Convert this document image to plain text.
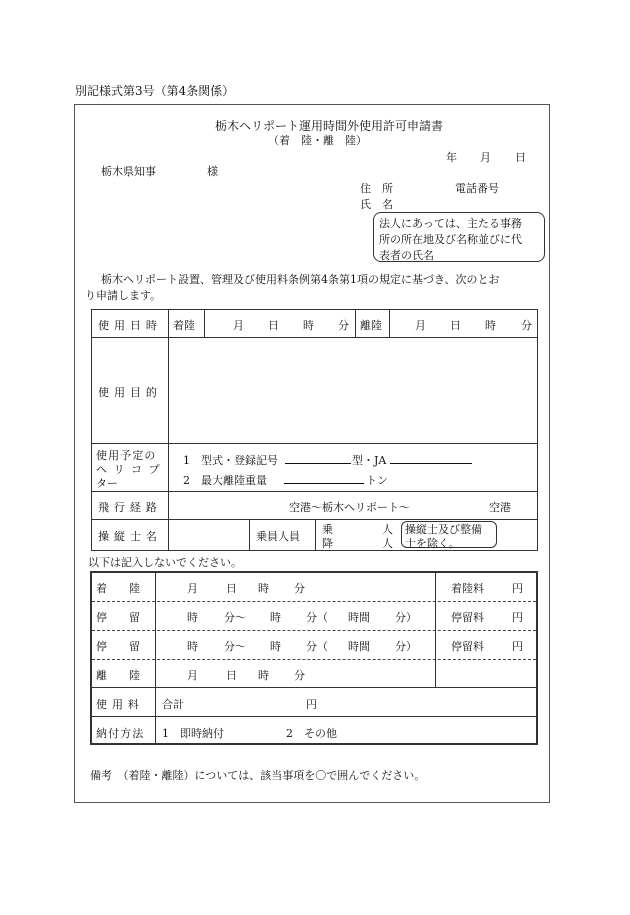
別記様式第3号（第4条関係）
栃木ヘリポート運用時間外使用許可申請書
（着　陸・離　陸）
年 月 日
栃木県知事	様
住　所	電話番号
氏　名
法人にあっては、主たる事務
所の所在地及び名称並びに代
表者の氏名
栃木ヘリポート設置、管理及び使用料条例第4条第1項の規定に基づき、次のとお
り申請します。
使用日時 着陸	月 日 時 分 離陸	月 日 時 分
使用目的
使用予定の
ヘリコプ
ター
1　型式・登録記号	型・JA
2　最大離陸重量	トン
飛行経路	空港〜栃木ヘリポート〜	空港
操縦士名	乗員人員
乗	人
降	人
操縦士及び整備
士を除く。
以下は記入しないでください。
着　　陸	月	日 時 分	着陸料	円
停　　留	時 分〜 時 分（ 時間 分）	停留料	円
停　　留	時 分〜 時 分（ 時間 分）	停留料	円
離　　陸	月	日 時 分
使用料 合計	円
納付方法 1　即時納付	2　その他
備考　（着陸・離陸）については、該当事項を〇で囲んでください。
